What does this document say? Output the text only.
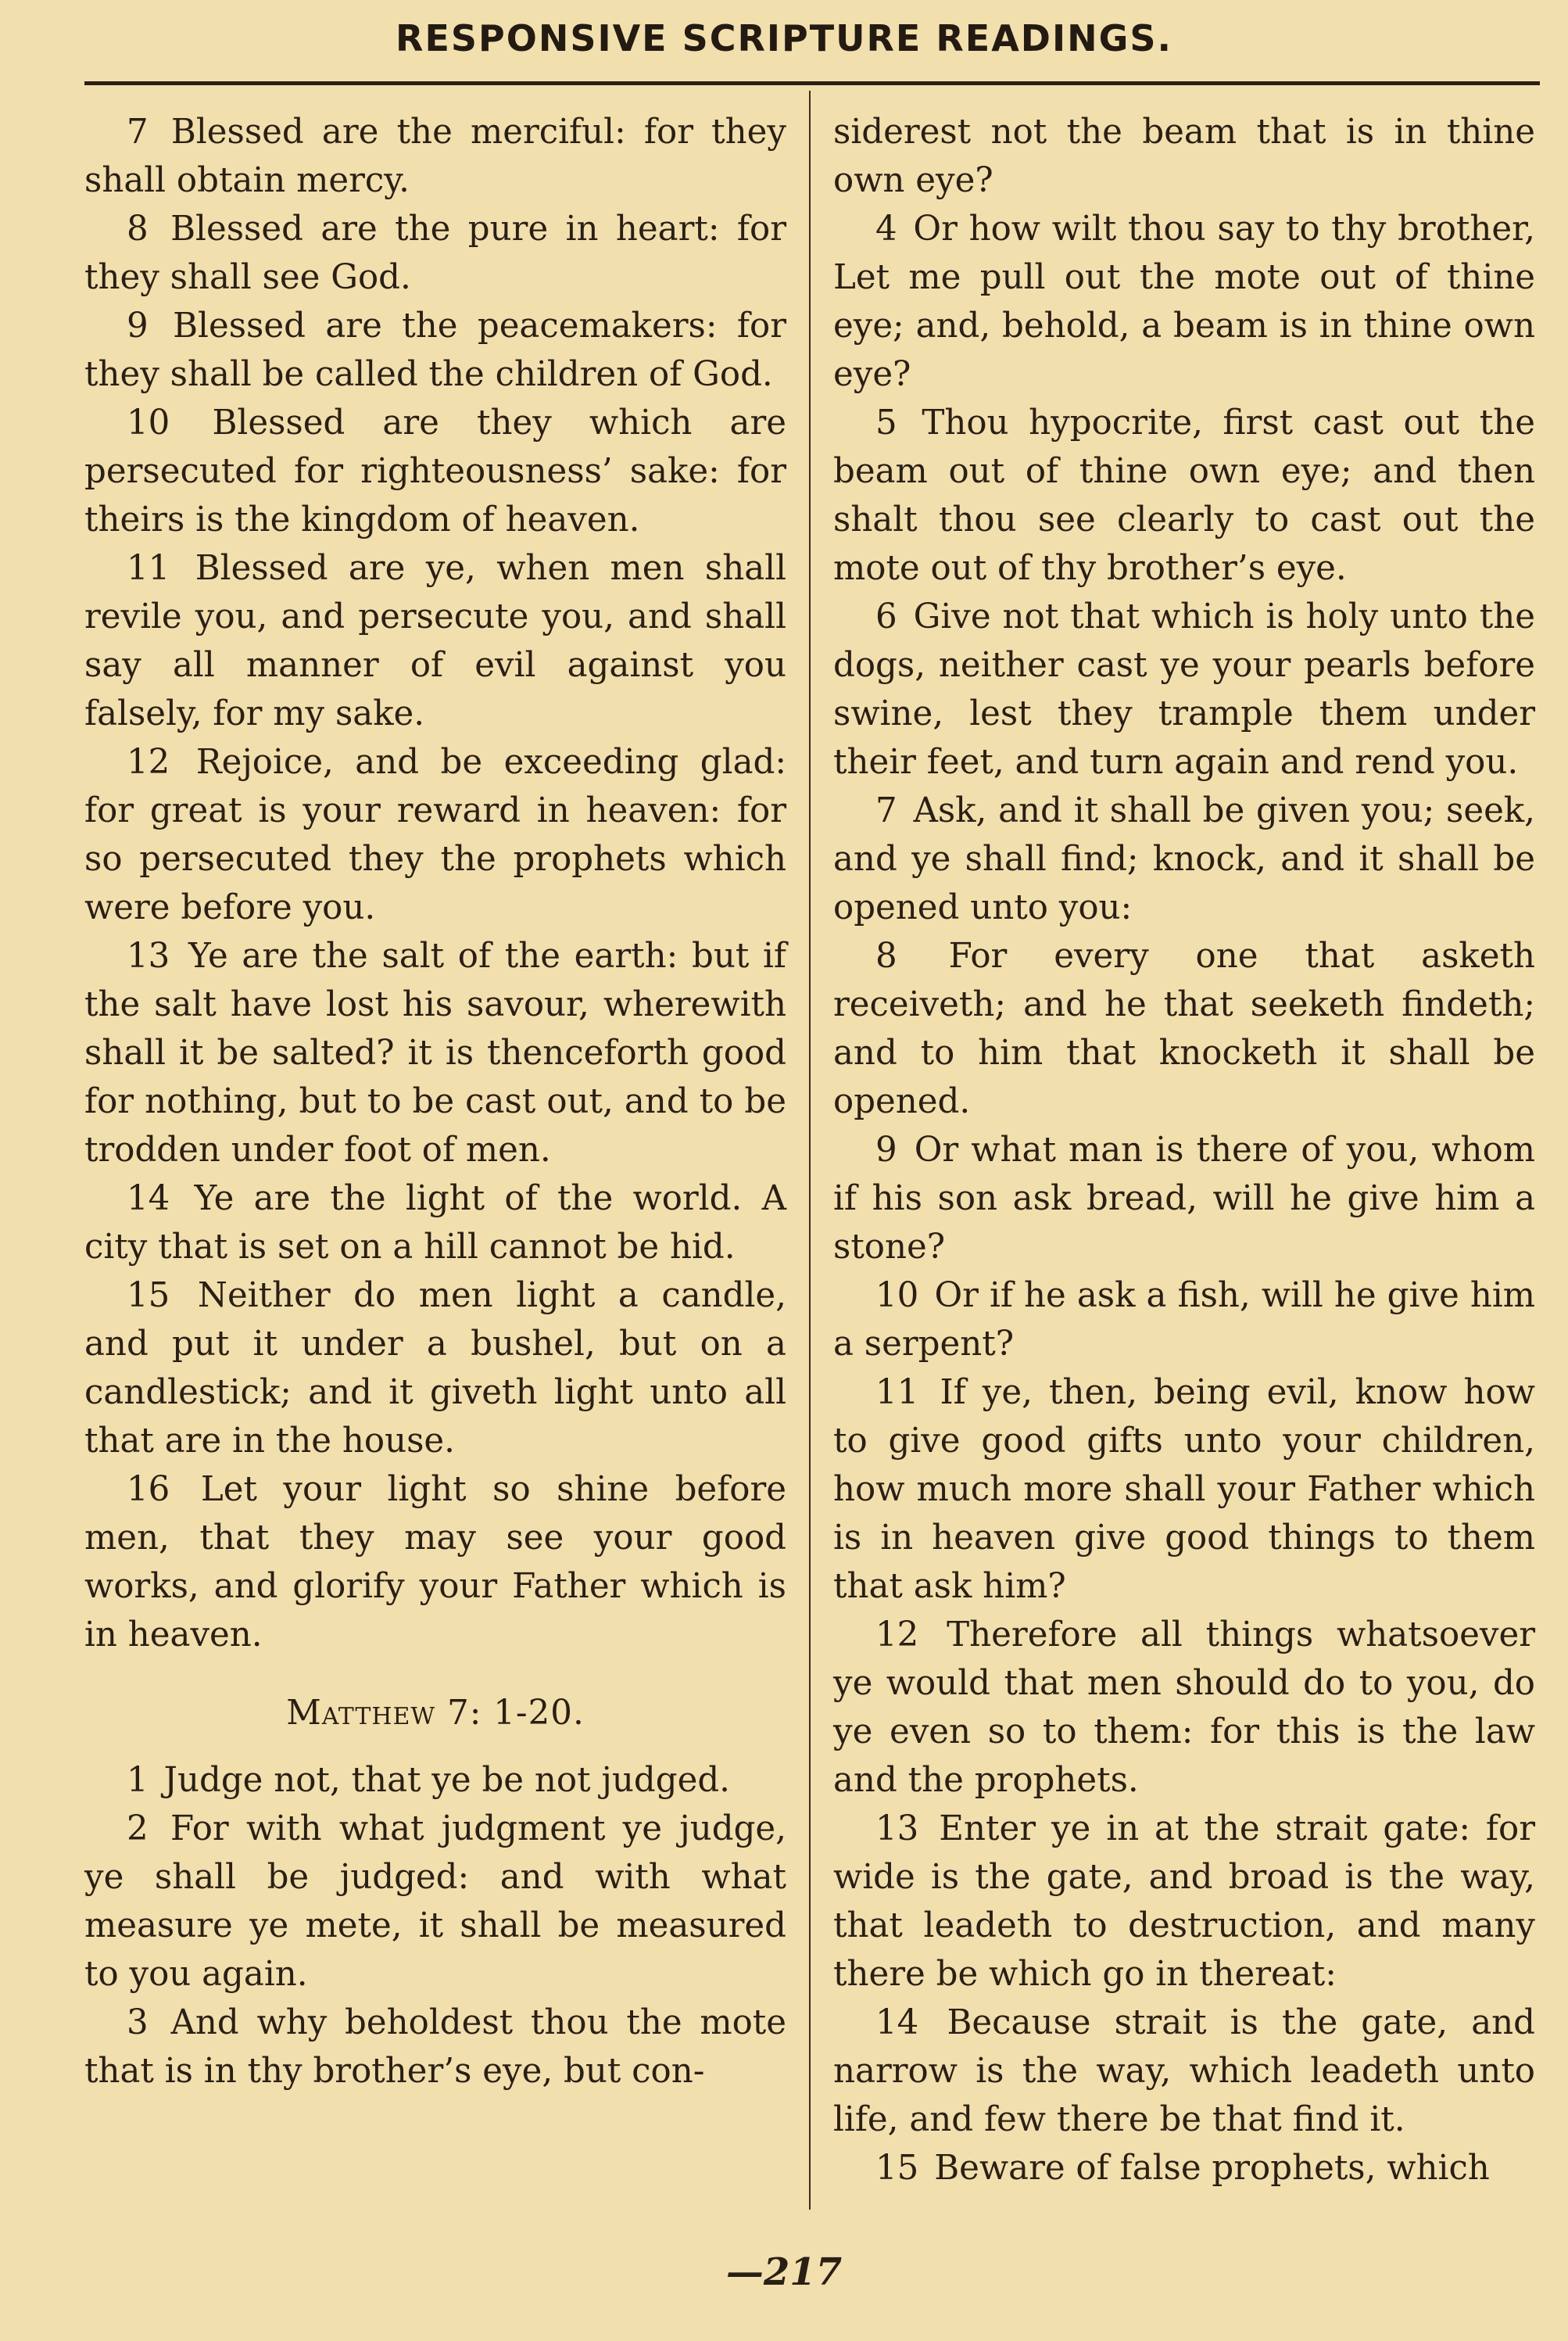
RESPONSIVE SCRIPTURE READINGS.

7 Blessed are the merciful: for they shall obtain mercy.

8 Blessed are the pure in heart: for they shall see God.

9 Blessed are the peacemakers: for they shall be called the children of God.

10 Blessed are they which are persecuted for righteousness’ sake: for theirs is the kingdom of heaven.

11 Blessed are ye, when men shall revile you, and persecute you, and shall say all manner of evil against you falsely, for my sake.

12 Rejoice, and be exceeding glad: for great is your reward in heaven: for so persecuted they the prophets which were before you.

13 Ye are the salt of the earth: but if the salt have lost his savour, wherewith shall it be salted? it is thenceforth good for nothing, but to be cast out, and to be trodden under foot of men.

14 Ye are the light of the world. A city that is set on a hill cannot be hid.

15 Neither do men light a candle, and put it under a bushel, but on a candlestick; and it giveth light unto all that are in the house.

16 Let your light so shine before men, that they may see your good works, and glorify your Father which is in heaven.

Matthew 7: 1-20.

1 Judge not, that ye be not judged.

2 For with what judgment ye judge, ye shall be judged: and with what measure ye mete, it shall be measured to you again.

3 And why beholdest thou the mote that is in thy brother’s eye, but con-

siderest not the beam that is in thine own eye?

4 Or how wilt thou say to thy brother, Let me pull out the mote out of thine eye; and, behold, a beam is in thine own eye?

5 Thou hypocrite, first cast out the beam out of thine own eye; and then shalt thou see clearly to cast out the mote out of thy brother’s eye.

6 Give not that which is holy unto the dogs, neither cast ye your pearls before swine, lest they trample them under their feet, and turn again and rend you.

7 Ask, and it shall be given you; seek, and ye shall find; knock, and it shall be opened unto you:

8 For every one that asketh receiveth; and he that seeketh findeth; and to him that knocketh it shall be opened.

9 Or what man is there of you, whom if his son ask bread, will he give him a stone?

10 Or if he ask a fish, will he give him a serpent?

11 If ye, then, being evil, know how to give good gifts unto your children, how much more shall your Father which is in heaven give good things to them that ask him?

12 Therefore all things whatsoever ye would that men should do to you, do ye even so to them: for this is the law and the prophets.

13 Enter ye in at the strait gate: for wide is the gate, and broad is the way, that leadeth to destruction, and many there be which go in thereat:

14 Because strait is the gate, and narrow is the way, which leadeth unto life, and few there be that find it.

15 Beware of false prophets, which

—217
